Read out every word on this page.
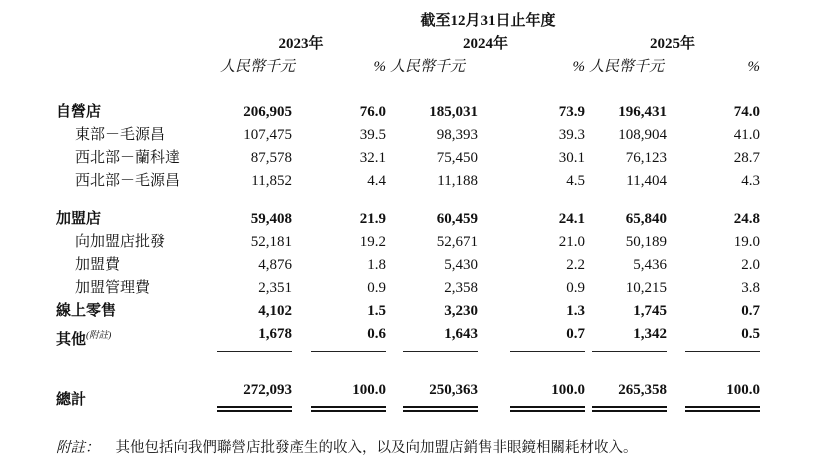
	截至12月31日止年度					
	2023年		2024年		2025年	

	人民幣千元 %		人民幣千元 %		人民幣千元 %	

自營店	206,905	76.0	185,031	73.9	196,431	74.0
東部－毛源昌	107,475	39.5	98,393	39.3	108,904	41.0
西北部－蘭科達	87,578	32.1	75,450	30.1	76,123	28.7
西北部－毛源昌	11,852	4.4	11,188	4.5	11,404	4.3
加盟店	59,408	21.9	60,459	24.1	65,840	24.8
向加盟店批發	52,181	19.2	52,671	21.0	50,189	19.0
加盟費	4,876	1.8	5,430	2.2	5,436	2.0
加盟管理費	2,351	0.9	2,358	0.9	10,215	3.8
線上零售	4,102	1.5	3,230	1.3	1,745	0.7
其他$^{(附註)}$	1,678	0.6	1,643	0.7	1,342	0.5
總計	272,093	100.0	250,363	100.0	265,358	100.0
附註： 其他包括向我們聯營店批發產生的收入，以及向加盟店銷售非眼鏡相關耗材收入。
